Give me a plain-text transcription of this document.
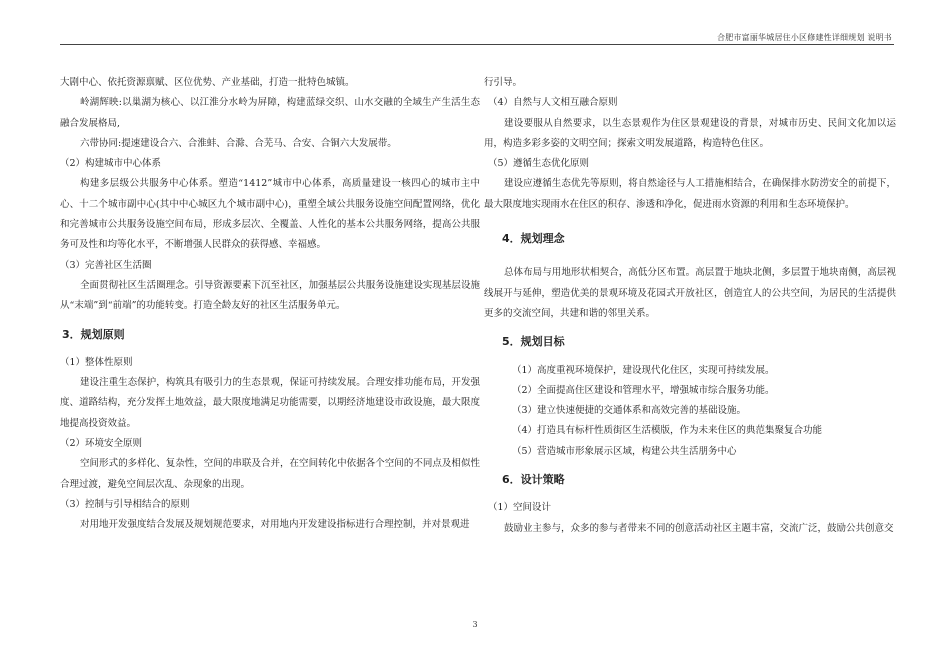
合肥市富丽华城居住小区修建性详细规划 说明书

大剧中心、依托资源禀赋、区位优势、产业基础，打造一批特色城镇。

岭湖辉映:以巢湖为核心、以江淮分水岭为屏障，构建蓝绿交织、山水交融的全域生产生活生态融合发展格局,

六带协同:提速建设合六、合淮蚌、合滁、合芜马、合安、合铜六大发展带。

（2）构建城市中心体系

构建多层级公共服务中心体系。塑造“1412”城市中心体系，高质量建设一核四心的城市主中心、十二个城市副中心(其中中心城区九个城市副中心)，重塑全域公共服务设施空间配置网络，优化和完善城市公共服务设施空间布局，形成多层次、全覆盖、人性化的基本公共服务网络，提高公共服务可及性和均等化水平，不断增强人民群众的获得感、幸福感。

（3）完善社区生活圈

全面贯彻社区生活圈理念。引导资源要素下沉至社区，加强基层公共服务设施建设实现基层设施从“末端”到“前端”的功能转变。打造全龄友好的社区生活服务单元。

3．规划原则

（1）整体性原则

建设注重生态保护，构筑具有吸引力的生态景观，保证可持续发展。合理安排功能布局，开发强度、道路结构，充分发挥土地效益，最大限度地满足功能需要，以期经济地建设市政设施，最大限度地提高投资效益。

（2）环境安全原则

空间形式的多样化、复杂性，空间的串联及合并，在空间转化中依据各个空间的不同点及相似性合理过渡，避免空间层次乱、杂现象的出现。

（3）控制与引导相结合的原则

对用地开发强度结合发展及规划规范要求，对用地内开发建设指标进行合理控制，并对景观进

行引导。

（4）自然与人文相互融合原则

建设要服从自然要求，以生态景观作为住区景观建设的背景，对城市历史、民间文化加以运用，构造多彩多姿的文明空间；探索文明发展道路，构造特色住区。

（5）遵循生态优化原则

建设应遵循生态优先等原则，将自然途径与人工措施相结合，在确保排水防涝安全的前提下，最大限度地实现雨水在住区的积存、渗透和净化，促进雨水资源的利用和生态环境保护。

4．规划理念

总体布局与用地形状相契合，高低分区布置。高层置于地块北侧，多层置于地块南侧，高层视线展开与延伸，塑造优美的景观环境及花园式开放社区，创造宜人的公共空间，为居民的生活提供更多的交流空间，共建和谐的邻里关系。

5．规划目标

（1）高度重视环境保护，建设现代化住区，实现可持续发展。

（2）全面提高住区建设和管理水平，增强城市综合服务功能。

（3）建立快速便捷的交通体系和高效完善的基础设施。

（4）打造具有标杆性质街区生活模版，作为未来住区的典范集聚复合功能

（5）营造城市形象展示区域，构建公共生活朋务中心

6．设计策略

（1）空间设计

鼓励业主参与，众多的参与者带来不同的创意活动社区主题丰富，交流广泛，鼓励公共创意交

3
